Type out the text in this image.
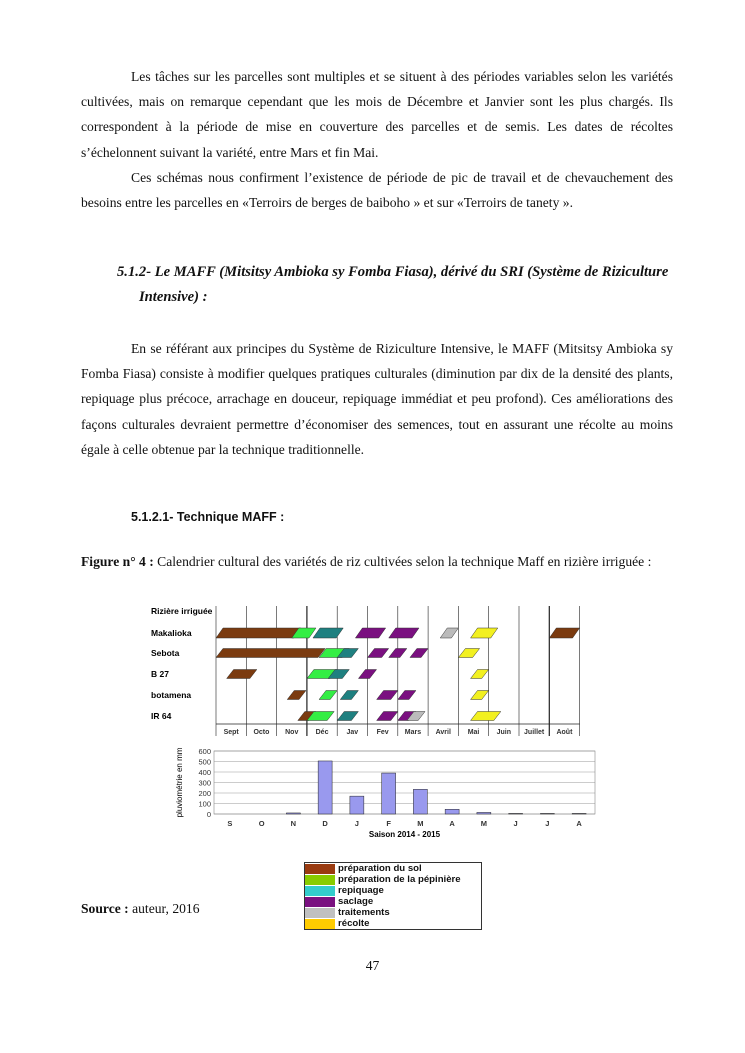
Les tâches sur les parcelles sont multiples et se situent à des périodes variables selon les variétés cultivées, mais on remarque cependant que les mois de Décembre et Janvier sont les plus chargés. Ils correspondent à la période de mise en couverture des parcelles et de semis. Les dates de récoltes s’échelonnent suivant la variété, entre Mars et fin Mai.

Ces schémas nous confirment l’existence de période de pic de travail et de chevauchement des besoins entre les parcelles en «Terroirs de berges de baiboho » et sur «Terroirs de tanety ».

5.1.2- Le MAFF (Mitsitsy Ambioka sy Fomba Fiasa), dérivé du SRI (Système de Riziculture Intensive) :

En se référant aux principes du Système de Riziculture Intensive, le MAFF (Mitsitsy Ambioka sy Fomba Fiasa) consiste à modifier quelques pratiques culturales (diminution par dix de la densité des plants, repiquage plus précoce, arrachage en douceur, repiquage immédiat et peu profond). Ces améliorations des façons culturales devraient permettre d’économiser des semences, tout en assurant une récolte au moins égale à celle obtenue par la technique traditionnelle.

5.1.2.1- Technique MAFF :

Figure n° 4 : Calendrier cultural des variétés de riz cultivées selon la technique Maff en rizière irriguée :

Rizière irriguée
Sept Octo Nov Déc	Jav	Fev Mars Avril Mai Juin Juillet Août
Makalioka
Sebota
B 27
botamena
IR 64
0
100
200
300
400
500
600
S	O	N	D	J	F	M	A	M	J	J	A
Saison 2014 - 2015
pluviométrie en mm
préparation du sol
préparation de la pépinière
repiquage
saclage
traitements
récolte
Source : auteur, 2016
47
